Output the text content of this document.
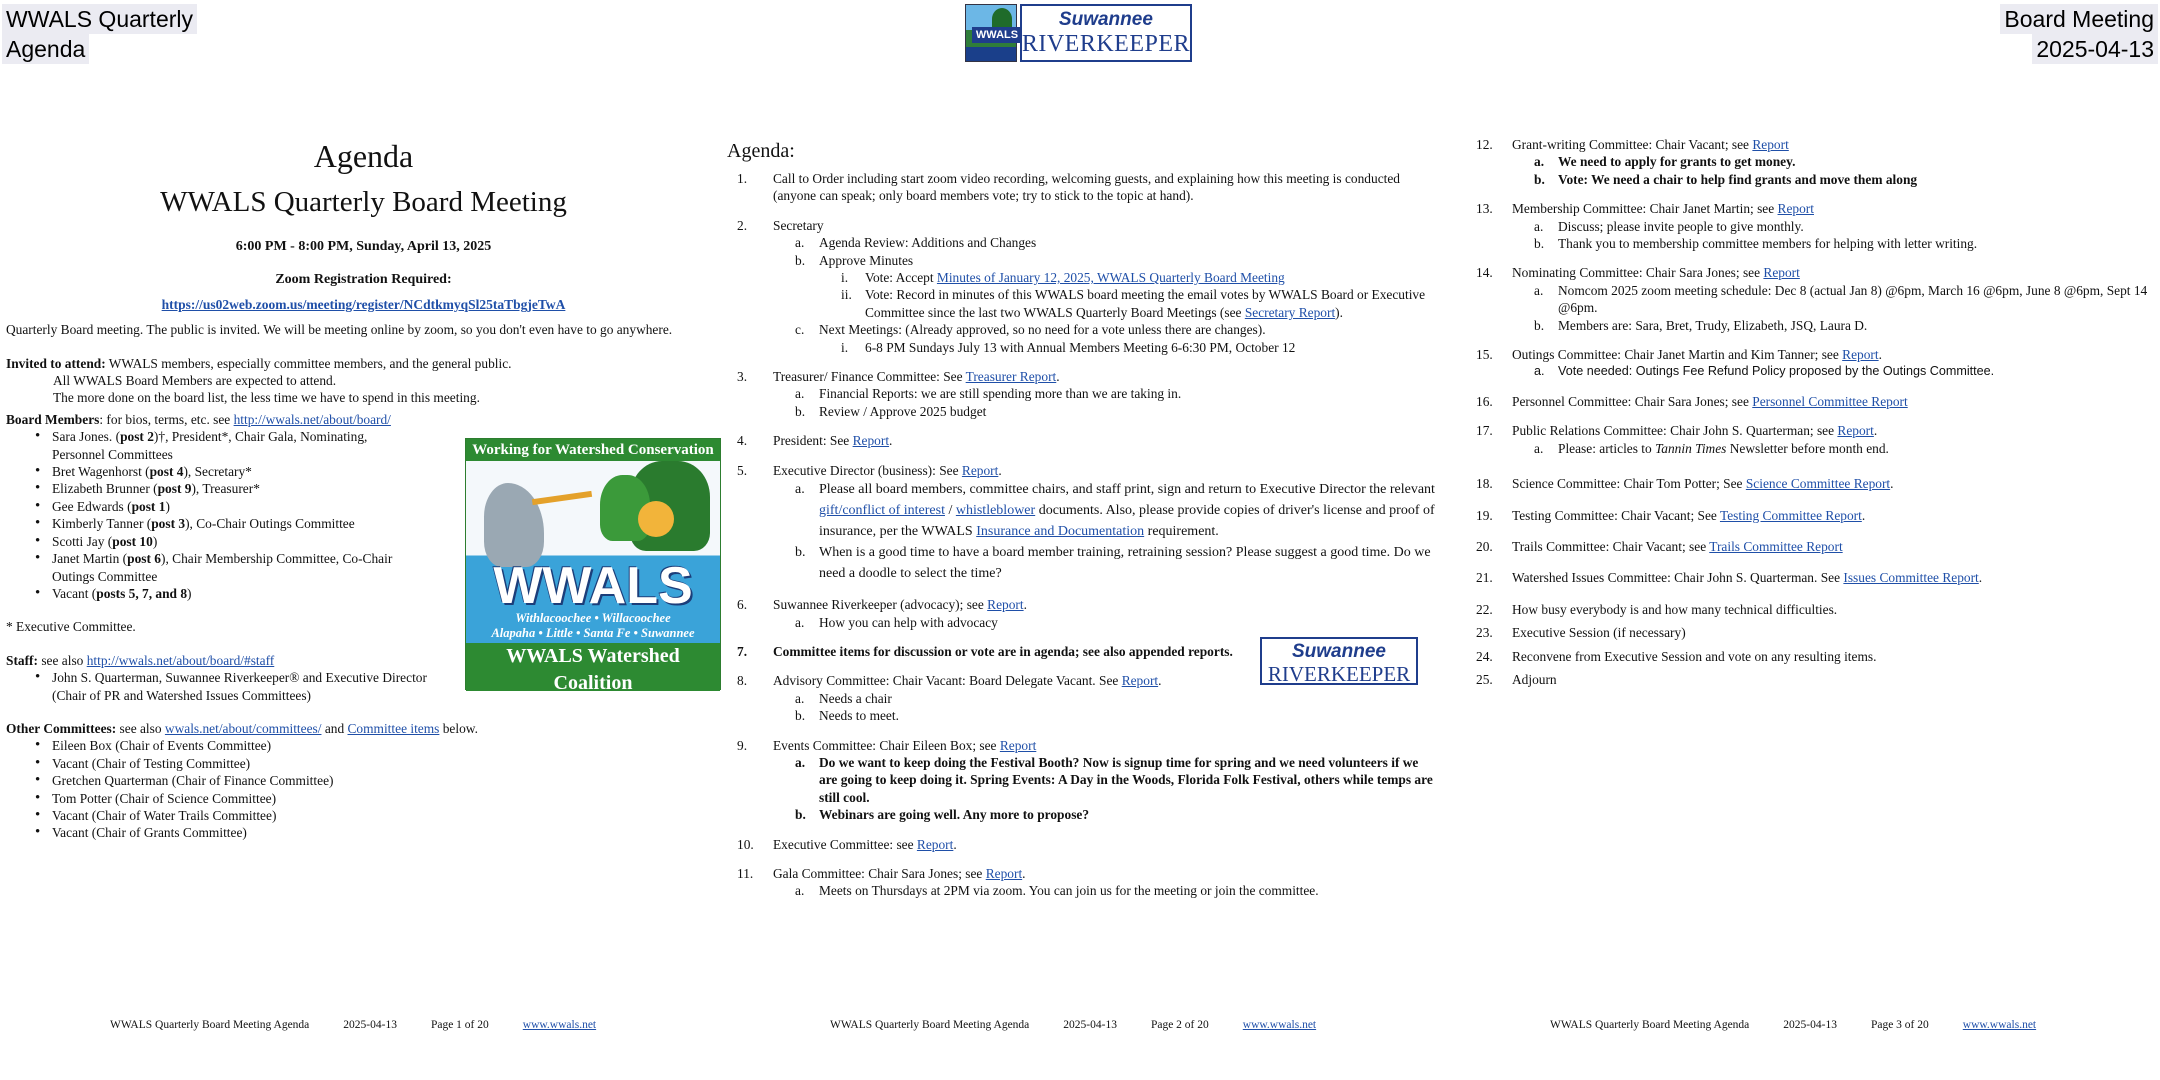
WWALS Quarterly
Agenda
Board Meeting
2025-04-13
WWALS
Suwannee
RIVERKEEPER
Agenda
WWALS Quarterly Board Meeting
6:00 PM - 8:00 PM, Sunday, April 13, 2025
Zoom Registration Required:
https://us02web.zoom.us/meeting/register/NCdtkmyqSl25taTbgjeTwA
Quarterly Board meeting. The public is invited. We will be meeting online by zoom, so you don't even have to go anywhere.
Invited to attend: WWALS members, especially committee members, and the general public.
All WWALS Board Members are expected to attend.
The more done on the board list, the less time we have to spend in this meeting.
Board Members: for bios, terms, etc. see http://wwals.net/about/board/
• Sara Jones. (post 2)†, President*, Chair Gala, Nominating, Personnel Committees
• Bret Wagenhorst (post 4), Secretary*
• Elizabeth Brunner (post 9), Treasurer*
• Gee Edwards (post 1)
• Kimberly Tanner (post 3), Co-Chair Outings Committee
• Scotti Jay (post 10)
• Janet Martin (post 6), Chair Membership Committee, Co-Chair Outings Committee
• Vacant (posts 5, 7, and 8)
* Executive Committee.
Staff: see also http://wwals.net/about/board/#staff
• John S. Quarterman, Suwannee Riverkeeper® and Executive Director (Chair of PR and Watershed Issues Committees)
Other Committees: see also wwals.net/about/committees/ and Committee items below.
• Eileen Box (Chair of Events Committee)
• Vacant (Chair of Testing Committee)
• Gretchen Quarterman (Chair of Finance Committee)
• Tom Potter (Chair of Science Committee)
• Vacant (Chair of Water Trails Committee)
• Vacant (Chair of Grants Committee)
Working for Watershed Conservation
WWALS
Withlacoochee • Willacoochee
Alapaha • Little • Santa Fe • Suwannee
WWALS Watershed Coalition
www.wwals.net
Agenda:
1.	Call to Order including start zoom video recording, welcoming guests, and explaining how this meeting is conducted (anyone can speak; only board members vote; try to stick to the topic at hand).
2.	Secretary
a. Agenda Review: Additions and Changes
b. Approve Minutes
i. Vote: Accept Minutes of January 12, 2025, WWALS Quarterly Board Meeting
ii. Vote: Record in minutes of this WWALS board meeting the email votes by WWALS Board or Executive Committee since the last two WWALS Quarterly Board Meetings (see Secretary Report).
c. Next Meetings: (Already approved, so no need for a vote unless there are changes).
i. 6-8 PM Sundays July 13 with Annual Members Meeting 6-6:30 PM, October 12
3.	Treasurer/ Finance Committee: See Treasurer Report.
a. Financial Reports: we are still spending more than we are taking in.
b. Review / Approve 2025 budget
4.	President: See Report.
5.	Executive Director (business): See Report.
a. Please all board members, committee chairs, and staff print, sign and return to Executive Director the relevant gift/conflict of interest / whistleblower documents. Also, please provide copies of driver's license and proof of insurance, per the WWALS Insurance and Documentation requirement.
b. When is a good time to have a board member training, retraining session? Please suggest a good time. Do we need a doodle to select the time?
6.	Suwannee Riverkeeper (advocacy); see Report.
a. How you can help with advocacy
7.	Committee items for discussion or vote are in agenda; see also appended reports.
8.	Advisory Committee: Chair Vacant: Board Delegate Vacant. See Report.
a. Needs a chair
b. Needs to meet.
9.	Events Committee: Chair Eileen Box; see Report
a. Do we want to keep doing the Festival Booth? Now is signup time for spring and we need volunteers if we are going to keep doing it. Spring Events: A Day in the Woods, Florida Folk Festival, others while temps are still cool.
b. Webinars are going well. Any more to propose?
10.	Executive Committee: see Report.
11.	Gala Committee: Chair Sara Jones; see Report.
a. Meets on Thursdays at 2PM via zoom. You can join us for the meeting or join the committee.
Suwannee
RIVERKEEPER
12.	Grant-writing Committee: Chair Vacant; see Report
a. We need to apply for grants to get money.
b. Vote: We need a chair to help find grants and move them along
13.	Membership Committee: Chair Janet Martin; see Report
a. Discuss; please invite people to give monthly.
b. Thank you to membership committee members for helping with letter writing.
14.	Nominating Committee: Chair Sara Jones; see Report
a. Nomcom 2025 zoom meeting schedule: Dec 8 (actual Jan 8) @6pm, March 16 @6pm, June 8 @6pm, Sept 14 @6pm.
b. Members are: Sara, Bret, Trudy, Elizabeth, JSQ, Laura D.
15.	Outings Committee: Chair Janet Martin and Kim Tanner; see Report.
a. Vote needed: Outings Fee Refund Policy proposed by the Outings Committee.
16.	Personnel Committee: Chair Sara Jones; see Personnel Committee Report
17.	Public Relations Committee: Chair John S. Quarterman; see Report.
a. Please: articles to Tannin Times Newsletter before month end.
18.	Science Committee: Chair Tom Potter; See Science Committee Report.
19.	Testing Committee: Chair Vacant; See Testing Committee Report.
20.	Trails Committee: Chair Vacant; see Trails Committee Report
21.	Watershed Issues Committee: Chair John S. Quarterman. See Issues Committee Report.
22.	How busy everybody is and how many technical difficulties.
23.	Executive Session (if necessary)
24.	Reconvene from Executive Session and vote on any resulting items.
25.	Adjourn
WWALS Quarterly Board Meeting Agenda	2025-04-13	Page 1 of 20	www.wwals.net	WWALS Quarterly Board Meeting Agenda	2025-04-13	Page 2 of 20	www.wwals.net	WWALS Quarterly Board Meeting Agenda	2025-04-13	Page 3 of 20	www.wwals.net
